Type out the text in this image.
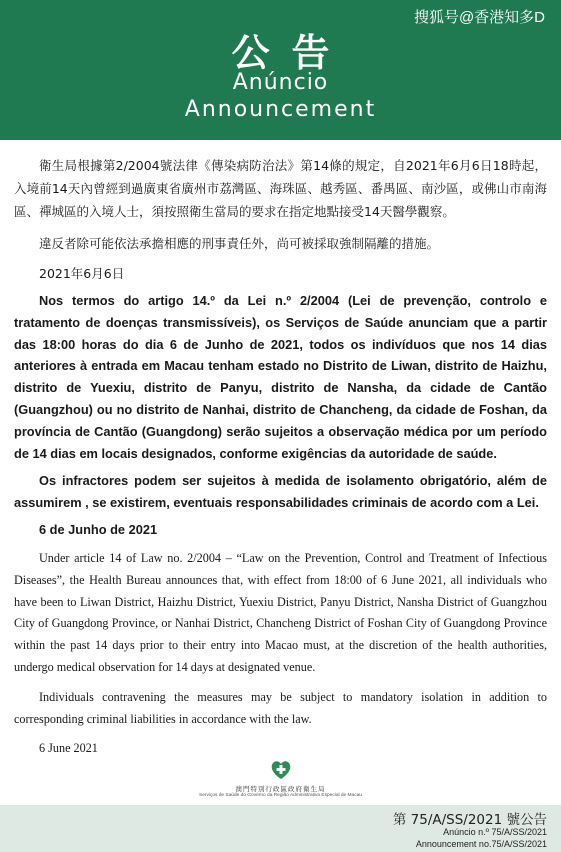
搜狐号@香港知多D
公告
Anúncio
Announcement

衛生局根據第2/2004號法律《傳染病防治法》第14條的規定，自2021年6月6日18時起，入境前14天內曾經到過廣東省廣州市荔灣區、海珠區、越秀區、番禺區、南沙區，或佛山市南海區、禪城區的入境人士，須按照衛生當局的要求在指定地點接受14天醫學觀察。

違反者除可能依法承擔相應的刑事責任外，尚可被採取強制隔離的措施。

2021年6月6日

Nos termos do artigo 14.º da Lei n.º 2/2004 (Lei de prevenção, controlo e tratamento de doenças transmissíveis), os Serviços de Saúde anunciam que a partir das 18:00 horas do dia 6 de Junho de 2021, todos os indivíduos que nos 14 dias anteriores à entrada em Macau tenham estado no Distrito de Liwan, distrito de Haizhu, distrito de Yuexiu, distrito de Panyu, distrito de Nansha, da cidade de Cantão (Guangzhou) ou no distrito de Nanhai, distrito de Chancheng, da cidade de Foshan, da província de Cantão (Guangdong) serão sujeitos a observação médica por um período de 14 dias em locais designados, conforme exigências da autoridade de saúde.

Os infractores podem ser sujeitos à medida de isolamento obrigatório, além de assumirem , se existirem, eventuais responsabilidades criminais de acordo com a Lei.

6 de Junho de 2021

Under article 14 of Law no. 2/2004 – “Law on the Prevention, Control and Treatment of Infectious Diseases”, the Health Bureau announces that, with effect from 18:00 of 6 June 2021, all individuals who have been to Liwan District, Haizhu District, Yuexiu District, Panyu District, Nansha District of Guangzhou City of Guangdong Province, or Nanhai District, Chancheng District of Foshan City of Guangdong Province within the past 14 days prior to their entry into Macao must, at the discretion of the health authorities, undergo medical observation for 14 days at designated venue.

Individuals contravening the measures may be subject to mandatory isolation in addition to corresponding criminal liabilities in accordance with the law.

6 June 2021

澳門特別行政區政府衛生局
Serviços de Saúde do Governo da Região Administrativa Especial de Macau
第 75/A/SS/2021 號公告
Anúncio n.º 75/A/SS/2021
Announcement no.75/A/SS/2021
